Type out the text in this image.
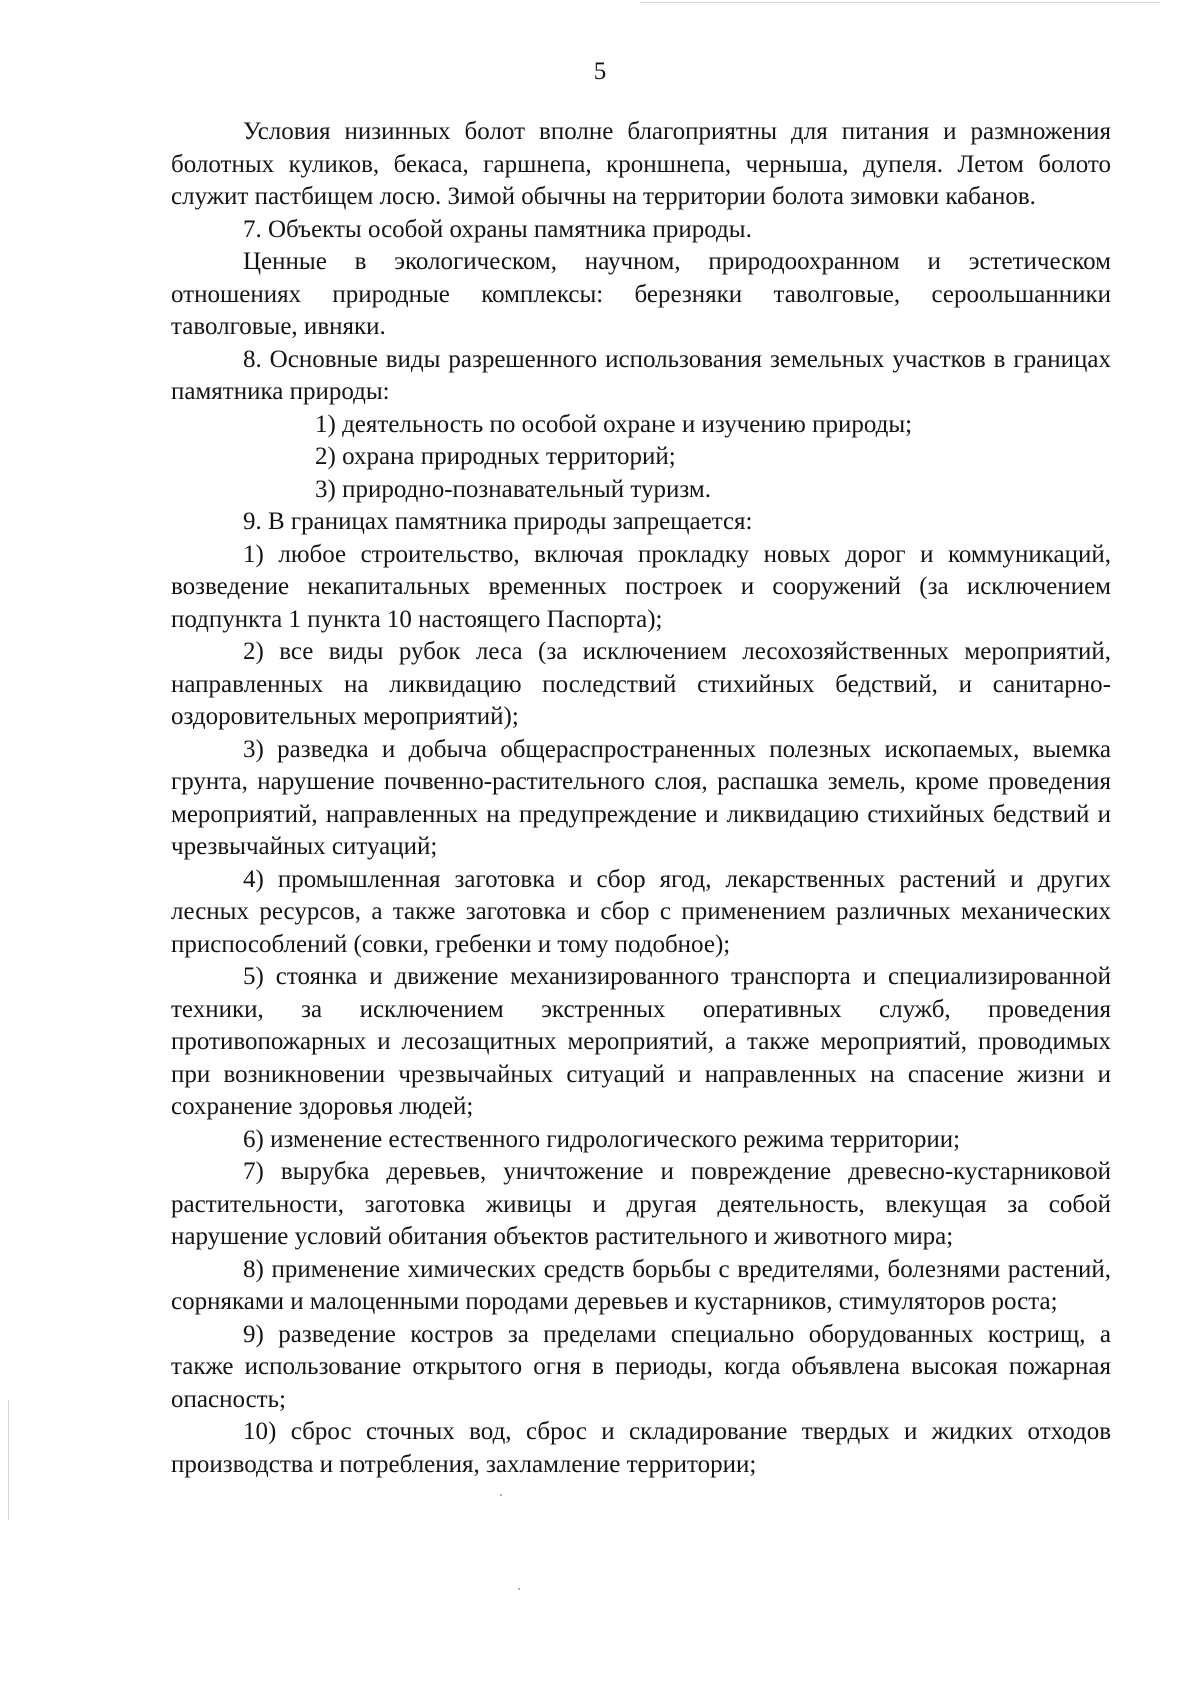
5

Условия низинных болот вполне благоприятны для питания и размножения болотных куликов, бекаса, гаршнепа, кроншнепа, черныша, дупеля. Летом болото служит пастбищем лосю. Зимой обычны на территории болота зимовки кабанов.

7. Объекты особой охраны памятника природы.

Ценные в экологическом, научном, природоохранном и эстетическом отношениях природные комплексы: березняки таволговые, сероольшанники таволговые, ивняки.

8. Основные виды разрешенного использования земельных участков в границах памятника природы:

1) деятельность по особой охране и изучению природы;

2) охрана природных территорий;

3) природно-познавательный туризм.

9. В границах памятника природы запрещается:

1) любое строительство, включая прокладку новых дорог и коммуникаций, возведение некапитальных временных построек и сооружений (за исключением подпункта 1 пункта 10 настоящего Паспорта);

2) все виды рубок леса (за исключением лесохозяйственных мероприятий, направленных на ликвидацию последствий стихийных бедствий, и санитарно-оздоровительных мероприятий);

3) разведка и добыча общераспространенных полезных ископаемых, выемка грунта, нарушение почвенно-растительного слоя, распашка земель, кроме проведения мероприятий, направленных на предупреждение и ликвидацию стихийных бедствий и чрезвычайных ситуаций;

4) промышленная заготовка и сбор ягод, лекарственных растений и других лесных ресурсов, а также заготовка и сбор с применением различных механических приспособлений (совки, гребенки и тому подобное);

5) стоянка и движение механизированного транспорта и специализированной техники, за исключением экстренных оперативных служб, проведения противопожарных и лесозащитных мероприятий, а также мероприятий, проводимых при возникновении чрезвычайных ситуаций и направленных на спасение жизни и сохранение здоровья людей;

6) изменение естественного гидрологического режима территории;

7) вырубка деревьев, уничтожение и повреждение древесно-кустарниковой растительности, заготовка живицы и другая деятельность, влекущая за собой нарушение условий обитания объектов растительного и животного мира;

8) применение химических средств борьбы с вредителями, болезнями растений, сорняками и малоценными породами деревьев и кустарников, стимуляторов роста;

9) разведение костров за пределами специально оборудованных кострищ, а также использование открытого огня в периоды, когда объявлена высокая пожарная опасность;

10) сброс сточных вод, сброс и складирование твердых и жидких отходов производства и потребления, захламление территории;
